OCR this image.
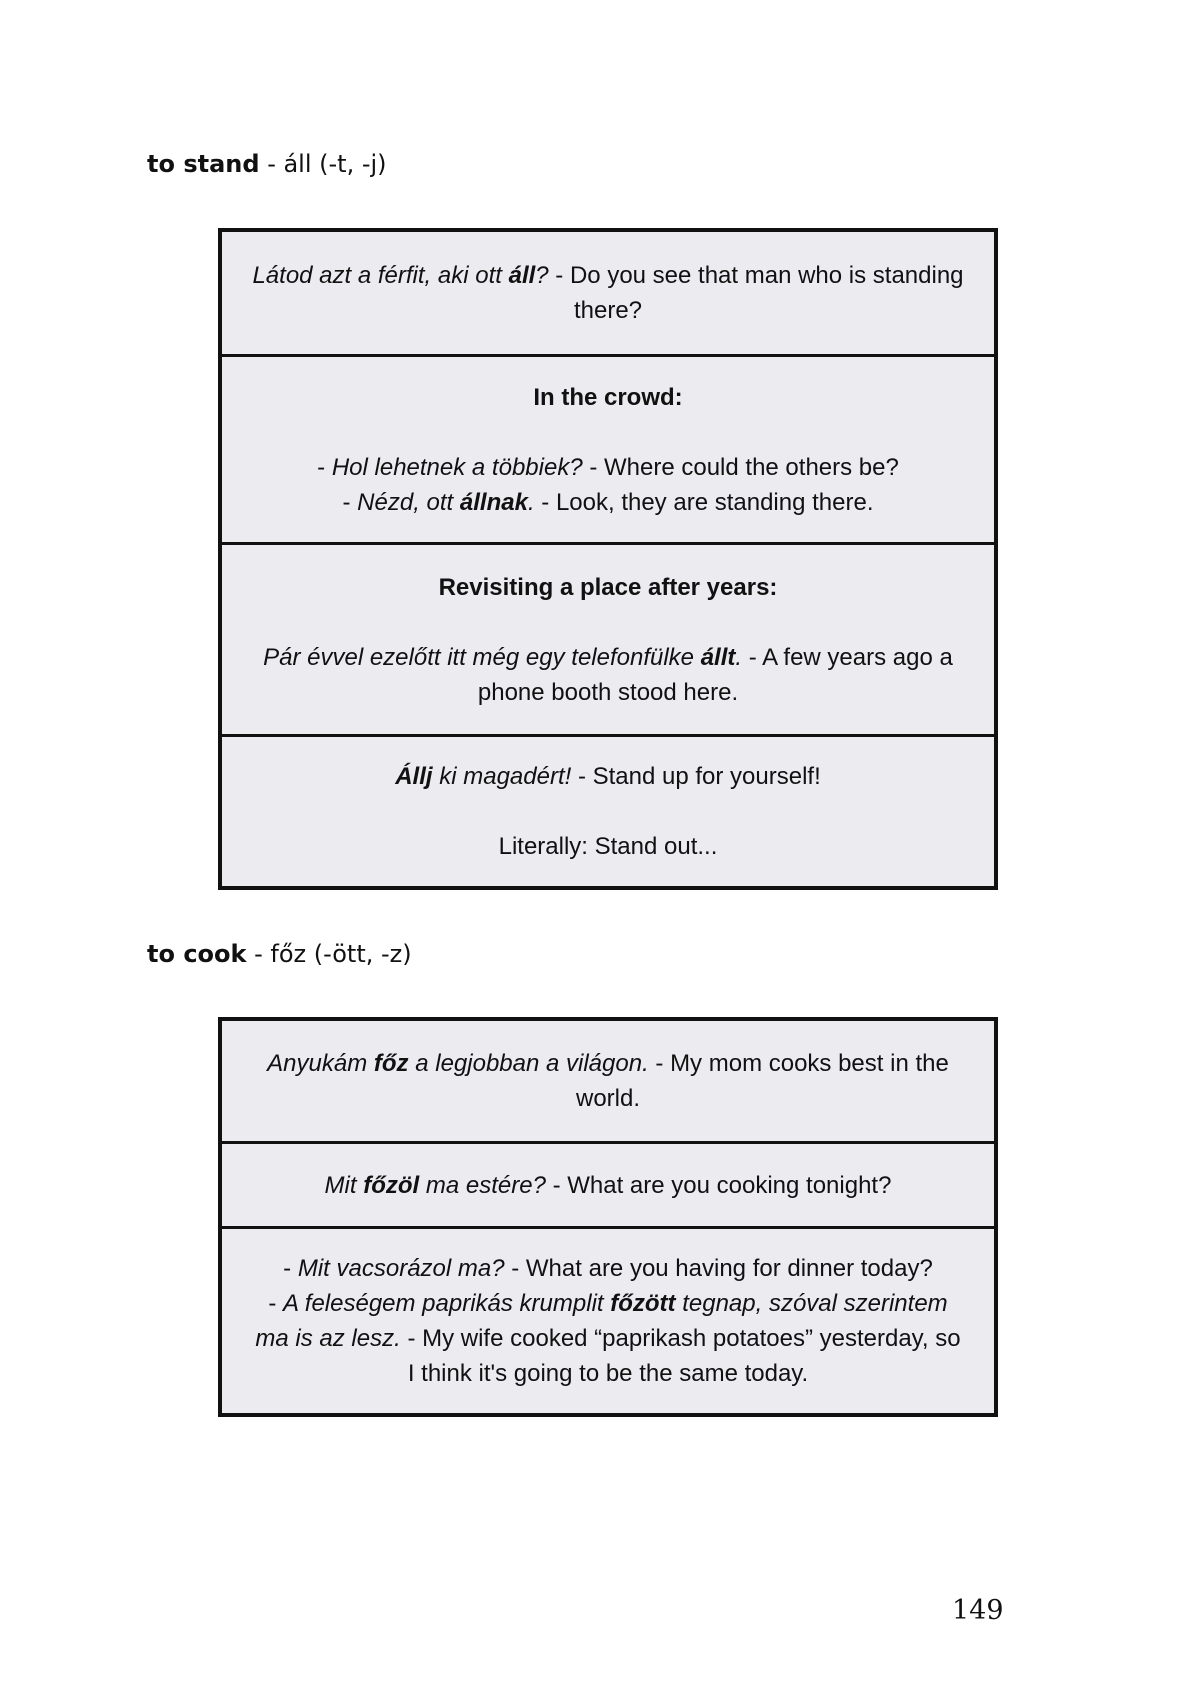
to stand - áll (-t, -j)

Látod azt a férfit, aki ott áll? - Do you see that man who is standing there?

In the crowd:

- Hol lehetnek a többiek? - Where could the others be?

- Nézd, ott állnak. - Look, they are standing there.

Revisiting a place after years:

Pár évvel ezelőtt itt még egy telefonfülke állt. - A few years ago a phone booth stood here.

Állj ki magadért! - Stand up for yourself!

Literally: Stand out...

to cook - főz (-ött, -z)

Anyukám főz a legjobban a világon. - My mom cooks best in the world.

Mit főzöl ma estére? - What are you cooking tonight?

- Mit vacsorázol ma? - What are you having for dinner today?

- A feleségem paprikás krumplit főzött tegnap, szóval szerintem ma is az lesz. - My wife cooked “paprikash potatoes” yesterday, so I think it's going to be the same today.

149
